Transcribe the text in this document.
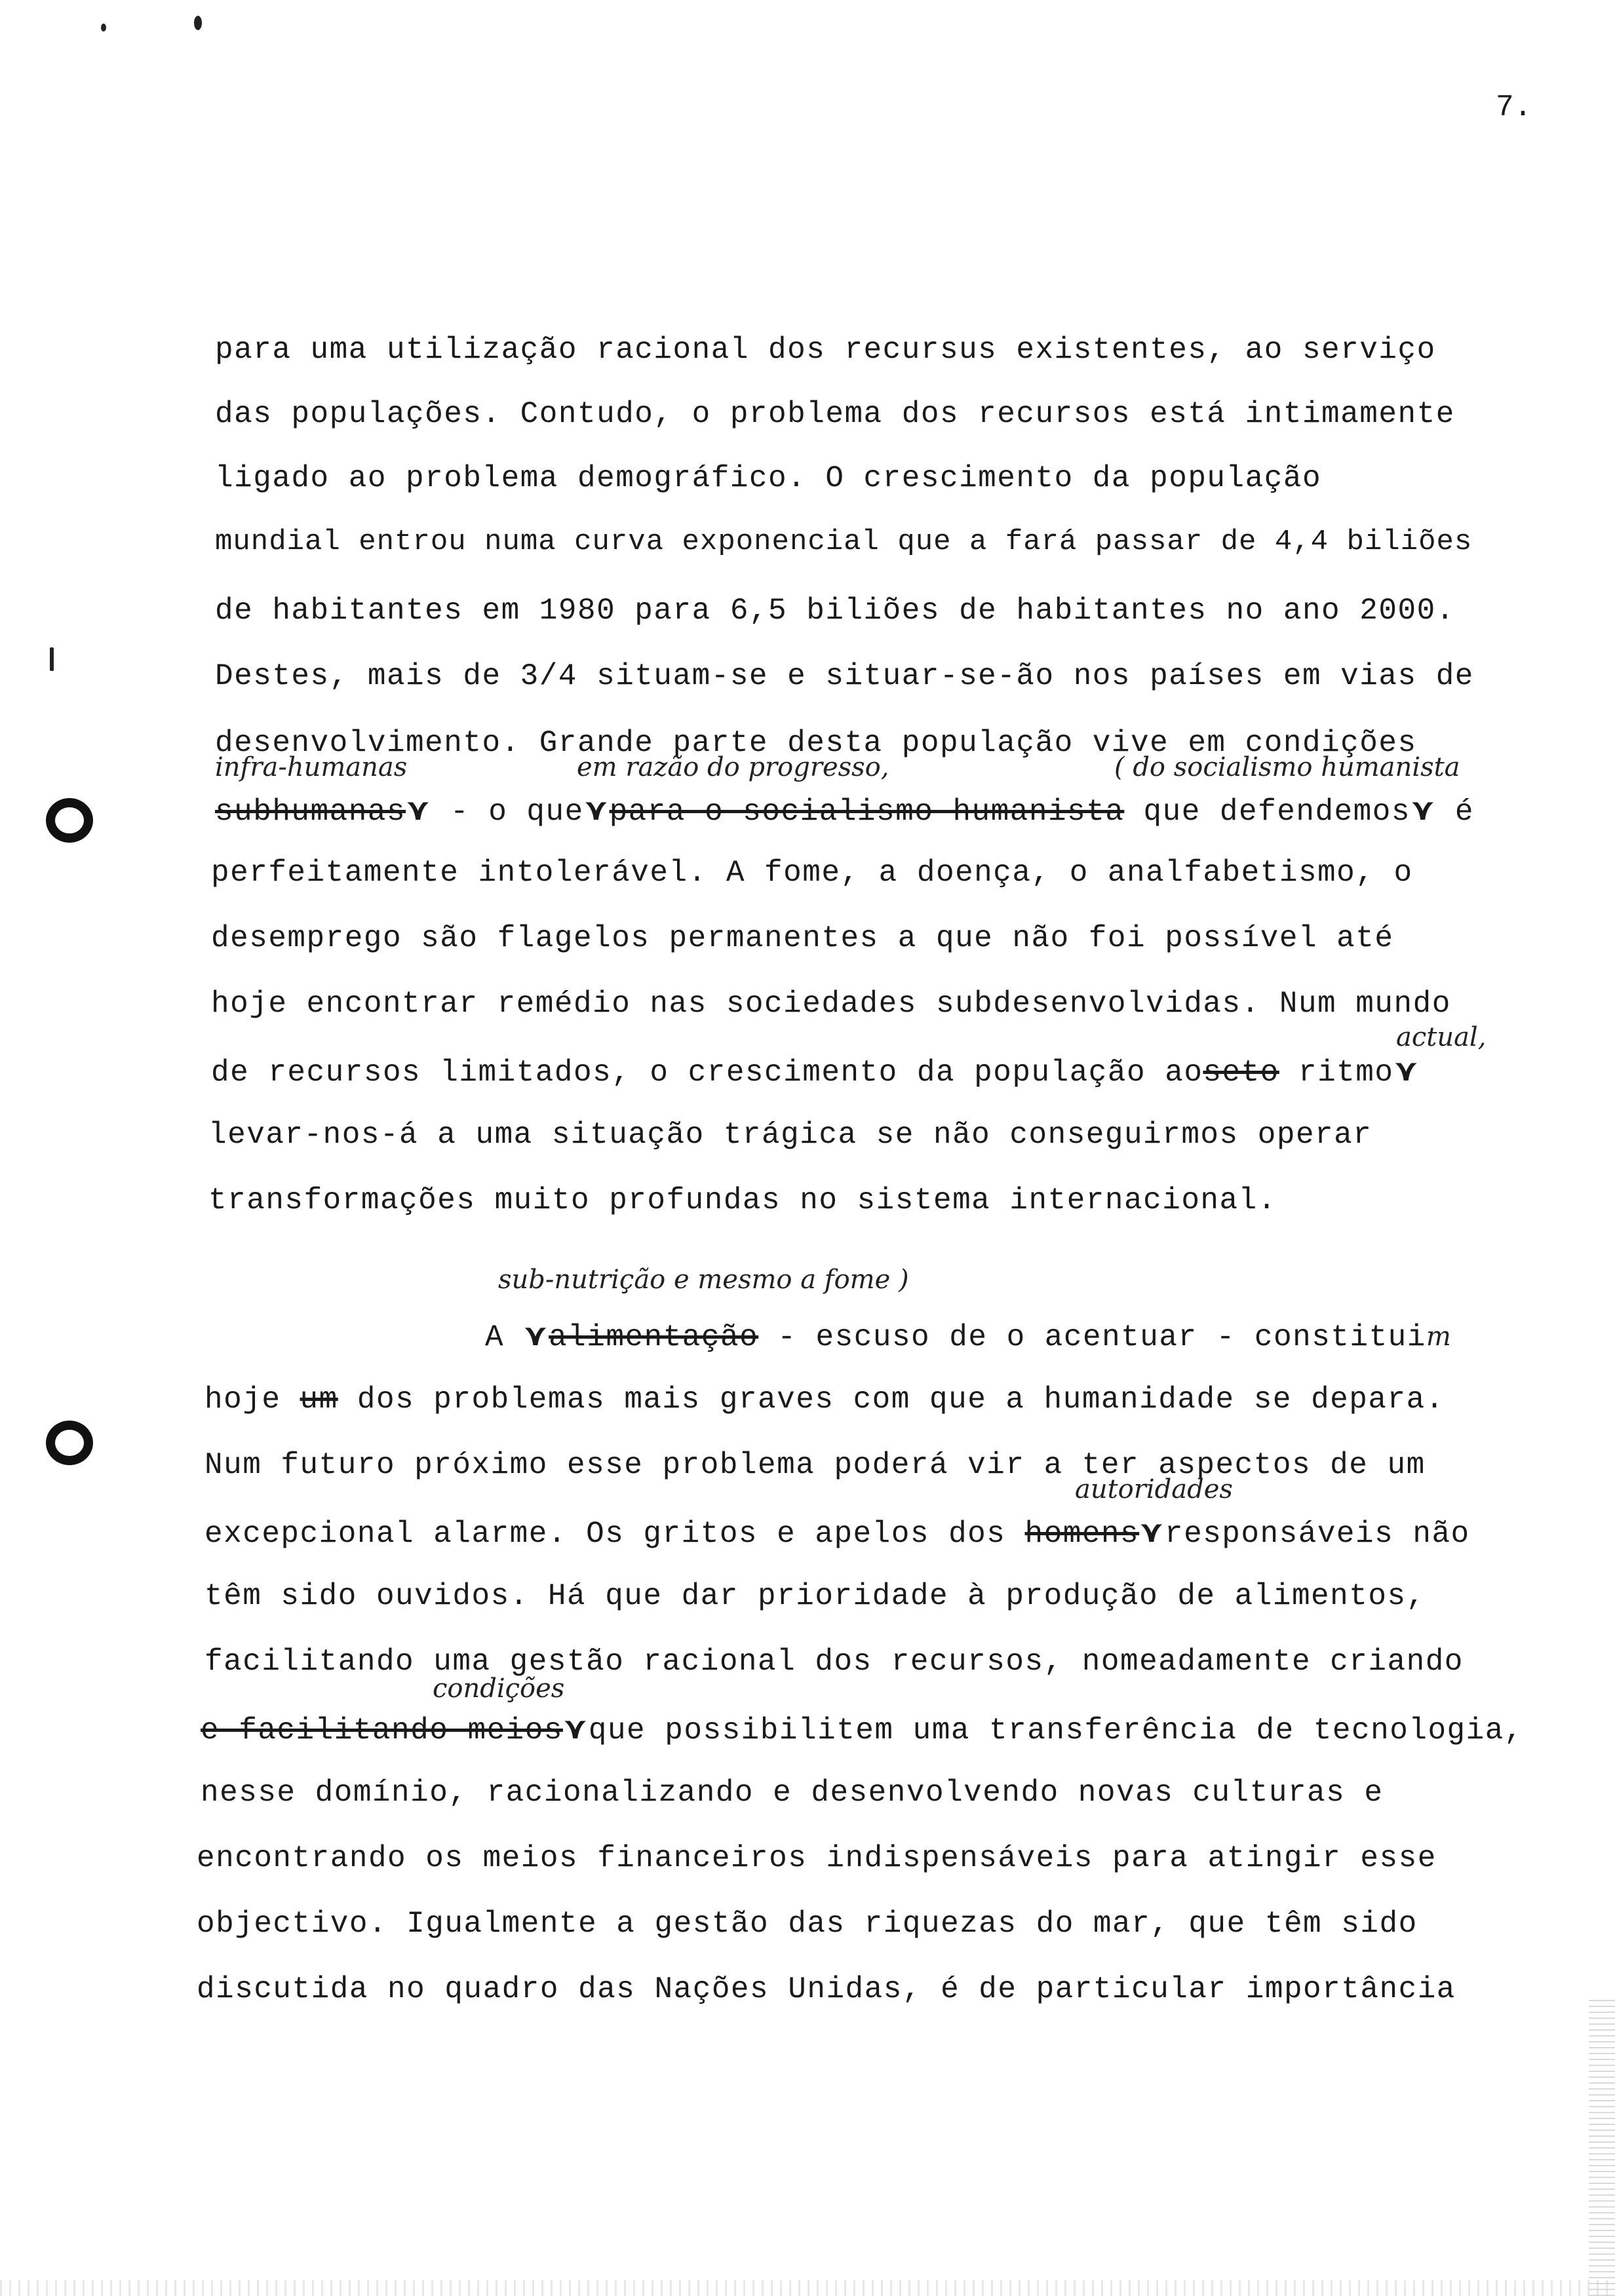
7.
para uma utilização racional dos recursus existentes, ao serviço
das populações. Contudo, o problema dos recursos está intimamente
ligado ao problema demográfico. O crescimento da população
mundial entrou numa curva exponencial que a fará passar de 4,4 biliões
de habitantes em 1980 para 6,5 biliões de habitantes no ano 2000.
Destes, mais de 3/4 situam-se e situar-se-ão nos países em vias de
desenvolvimento. Grande parte desta população vive em condições
infra-humanas	em razão do progresso,	( do socialismo humanista
subhumanas⋎ - o que⋎para o socialismo humanista que defendemos⋎ é
perfeitamente intolerável. A fome, a doença, o analfabetismo, o
desemprego são flagelos permanentes a que não foi possível até
hoje encontrar remédio nas sociedades subdesenvolvidas. Num mundo
actual,
de recursos limitados, o crescimento da população aoseto ritmo⋎
levar-nos-á a uma situação trágica se não conseguirmos operar
transformações muito profundas no sistema internacional.
sub-nutrição e mesmo a fome )
A ⋎alimentação - escuso de o acentuar - constituim
hoje um dos problemas mais graves com que a humanidade se depara.
Num futuro próximo esse problema poderá vir a ter aspectos de um
autoridades
excepcional alarme. Os gritos e apelos dos homens⋎responsáveis não
têm sido ouvidos. Há que dar prioridade à produção de alimentos,
facilitando uma gestão racional dos recursos, nomeadamente criando
condições
e facilitando meios⋎que possibilitem uma transferência de tecnologia,
nesse domínio, racionalizando e desenvolvendo novas culturas e
encontrando os meios financeiros indispensáveis para atingir esse
objectivo. Igualmente a gestão das riquezas do mar, que têm sido
discutida no quadro das Nações Unidas, é de particular importância
